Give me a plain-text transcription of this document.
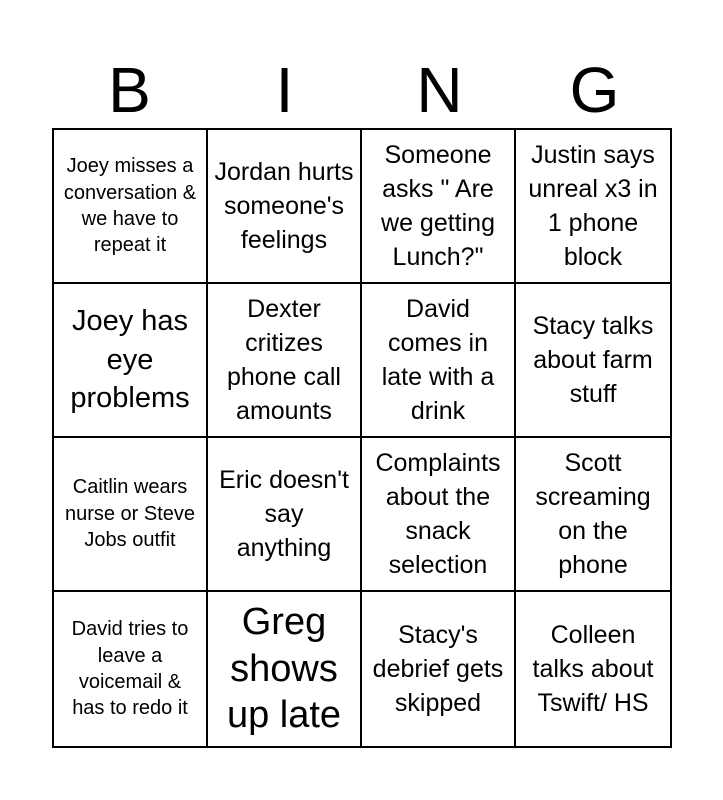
B	I	N	G
Joey misses a conversation & we have to repeat it
Jordan hurts someone's feelings
Someone asks " Are we getting Lunch?"
Justin says unreal x3 in 1 phone block
Joey has eye problems
Dexter critizes phone call amounts
David comes in late with a drink
Stacy talks about farm stuff
Caitlin wears nurse or Steve Jobs outfit
Eric doesn't say anything
Complaints about the snack selection
Scott screaming on the phone
David tries to leave a voicemail & has to redo it
Greg shows up late
Stacy's debrief gets skipped
Colleen talks about Tswift/ HS
